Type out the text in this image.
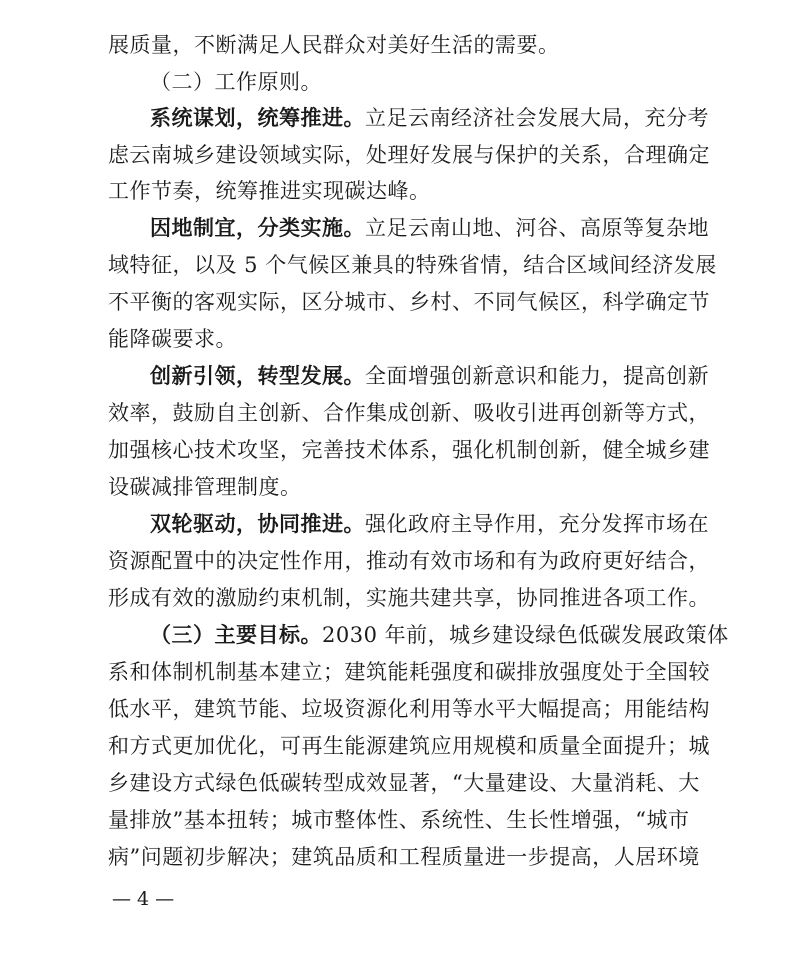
展质量，不断满足人民群众对美好生活的需要。
（二）工作原则。
系统谋划，统筹推进。立足云南经济社会发展大局，充分考
虑云南城乡建设领域实际，处理好发展与保护的关系，合理确定
工作节奏，统筹推进实现碳达峰。
因地制宜，分类实施。立足云南山地、河谷、高原等复杂地
域特征，以及 5 个气候区兼具的特殊省情，结合区域间经济发展
不平衡的客观实际，区分城市、乡村、不同气候区，科学确定节
能降碳要求。
创新引领，转型发展。全面增强创新意识和能力，提高创新
效率，鼓励自主创新、合作集成创新、吸收引进再创新等方式，
加强核心技术攻坚，完善技术体系，强化机制创新，健全城乡建
设碳减排管理制度。
双轮驱动，协同推进。强化政府主导作用，充分发挥市场在
资源配置中的决定性作用，推动有效市场和有为政府更好结合，
形成有效的激励约束机制，实施共建共享，协同推进各项工作。
（三）主要目标。2030 年前，城乡建设绿色低碳发展政策体
系和体制机制基本建立；建筑能耗强度和碳排放强度处于全国较
低水平，建筑节能、垃圾资源化利用等水平大幅提高；用能结构
和方式更加优化，可再生能源建筑应用规模和质量全面提升；城
乡建设方式绿色低碳转型成效显著，“大量建设、大量消耗、大
量排放”基本扭转；城市整体性、系统性、生长性增强，“城市
病”问题初步解决；建筑品质和工程质量进一步提高，人居环境
— 4 —
